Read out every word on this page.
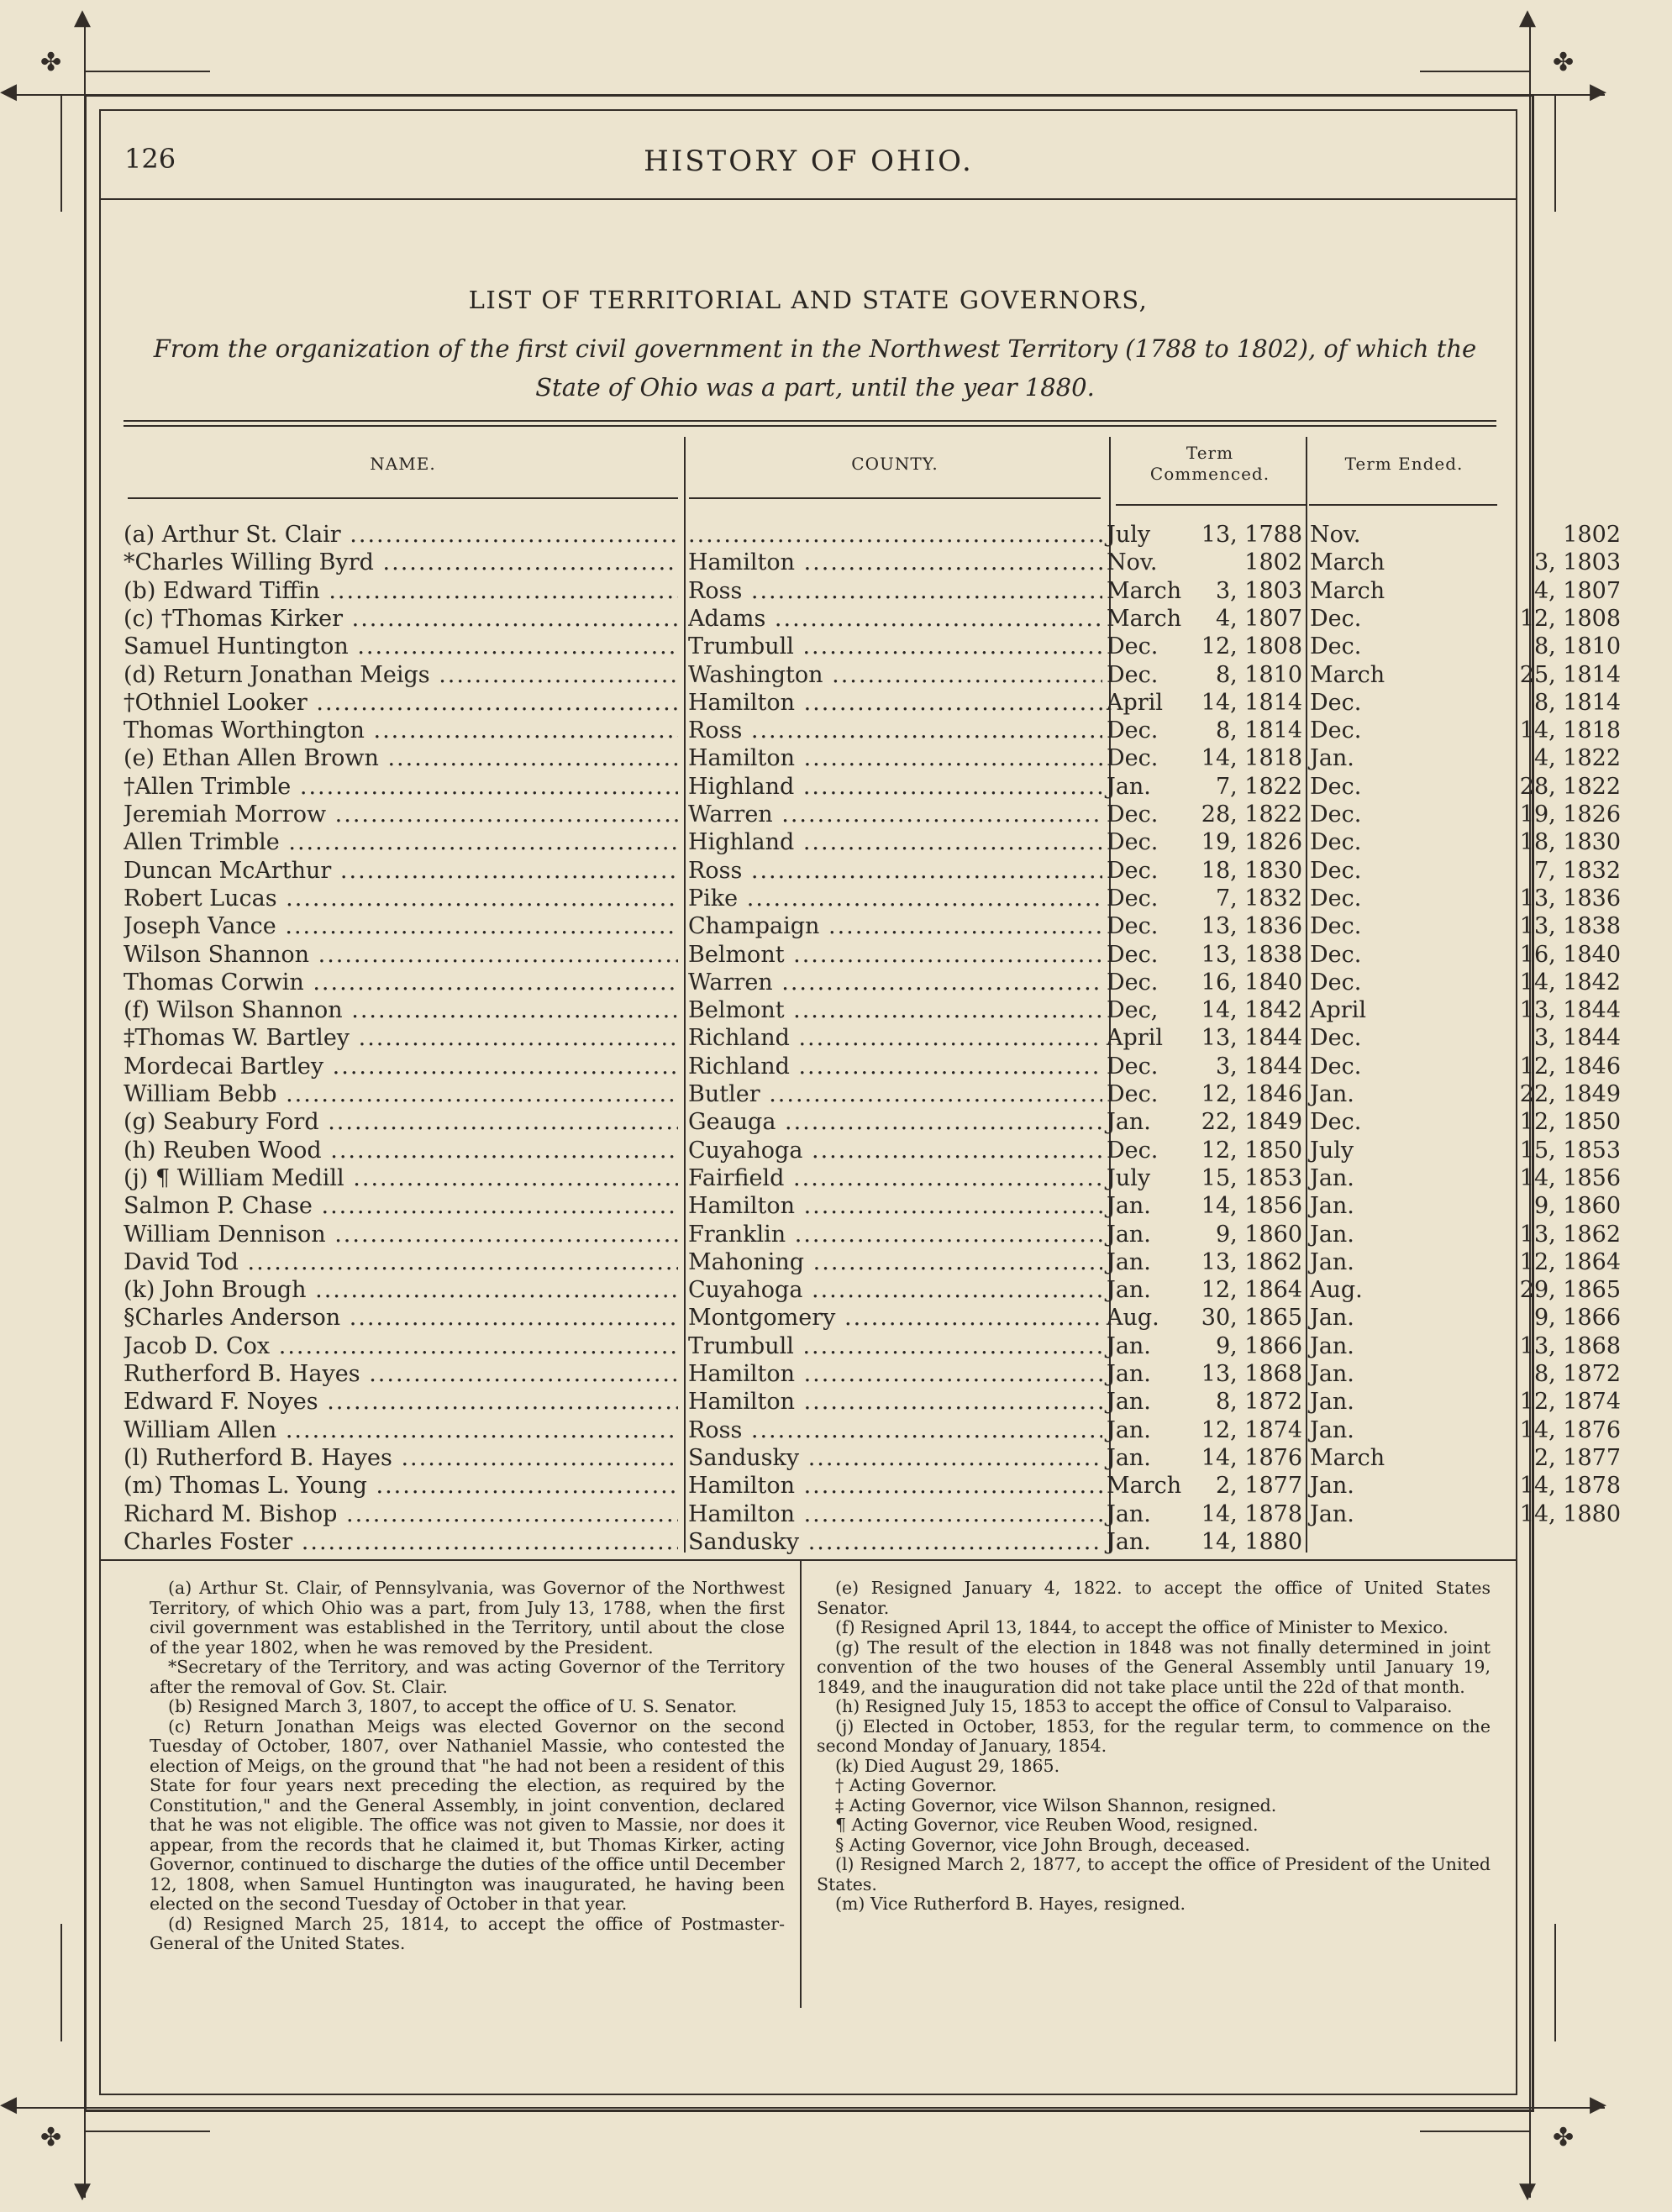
✤	✤
✤	✤
▲	▲
▼	▼
◀
◀
▶
▶
126	HISTORY OF OHIO.
LIST OF TERRITORIAL AND STATE GOVERNORS,
From the organization of the first civil government in the Northwest Territory (1788 to 1802), of which the State of Ohio was a part, until the year 1880.
NAME.	COUNTY.
Term Commenced.	Term Ended.
(a) Arthur St. Clair .....
.....	July 13, 1788 Nov.	1802
*Charles Willing Byrd .....	Hamilton .....	Nov.	1802 March	3, 1803
(b) Edward Tiffin .....	Ross .....	March 3, 1803 March	4, 1807
(c) †Thomas Kirker .....	Adams .....	March 4, 1807 Dec.	12, 1808
Samuel Huntington .....	Trumbull .....	Dec. 12, 1808 Dec.	8, 1810
(d) Return Jonathan Meigs .....	Washington .....	Dec.	8, 1810 March	25, 1814
†Othniel Looker .....	Hamilton .....	April 14, 1814 Dec.	8, 1814
Thomas Worthington .....	Ross .....	Dec.	8, 1814 Dec.	14, 1818
(e) Ethan Allen Brown .....	Hamilton .....	Dec. 14, 1818 Jan.	4, 1822
†Allen Trimble .....	Highland .....	Jan.	7, 1822 Dec.	28, 1822
Jeremiah Morrow .....	Warren .....	Dec. 28, 1822 Dec.	19, 1826
Allen Trimble .....	Highland .....	Dec. 19, 1826 Dec.	18, 1830
Duncan McArthur .....	Ross .....	Dec. 18, 1830 Dec.	7, 1832
Robert Lucas .....	Pike .....	Dec.	7, 1832 Dec.	13, 1836
Joseph Vance .....	Champaign .....	Dec. 13, 1836 Dec.	13, 1838
Wilson Shannon .....	Belmont .....	Dec. 13, 1838 Dec.	16, 1840
Thomas Corwin .....	Warren .....	Dec. 16, 1840 Dec.	14, 1842
(f) Wilson Shannon .....	Belmont .....	Dec, 14, 1842 April	13, 1844
‡Thomas W. Bartley .....	Richland .....	April 13, 1844 Dec.	3, 1844
Mordecai Bartley .....	Richland .....	Dec.	3, 1844 Dec.	12, 1846
William Bebb .....	Butler .....	Dec. 12, 1846 Jan.	22, 1849
(g) Seabury Ford .....	Geauga .....	Jan. 22, 1849 Dec.	12, 1850
(h) Reuben Wood .....	Cuyahoga .....	Dec. 12, 1850 July	15, 1853
(j) ¶ William Medill .....	Fairfield .....	July 15, 1853 Jan.	14, 1856
Salmon P. Chase .....	Hamilton .....	Jan. 14, 1856 Jan.	9, 1860
William Dennison .....	Franklin .....	Jan.	9, 1860 Jan.	13, 1862
David Tod .....	Mahoning .....	Jan. 13, 1862 Jan.	12, 1864
(k) John Brough .....	Cuyahoga .....	Jan. 12, 1864 Aug.	29, 1865
§Charles Anderson .....	Montgomery .....	Aug. 30, 1865 Jan.	9, 1866
Jacob D. Cox .....	Trumbull .....	Jan.	9, 1866 Jan.	13, 1868
Rutherford B. Hayes .....	Hamilton .....	Jan. 13, 1868 Jan.	8, 1872
Edward F. Noyes .....	Hamilton .....	Jan.	8, 1872 Jan.	12, 1874
William Allen .....	Ross .....	Jan. 12, 1874 Jan.	14, 1876
(l) Rutherford B. Hayes .....	Sandusky .....	Jan. 14, 1876 March	2, 1877
(m) Thomas L. Young .....	Hamilton .....	March 2, 1877 Jan.	14, 1878
Richard M. Bishop .....	Hamilton .....	Jan. 14, 1878 Jan.	14, 1880
Charles Foster .....	Sandusky .....	Jan. 14, 1880

(a) Arthur St. Clair, of Pennsylvania, was Governor of the Northwest Territory, of which Ohio was a part, from July 13, 1788, when the first civil government was established in the Territory, until about the close of the year 1802, when he was removed by the President.

*Secretary of the Territory, and was acting Governor of the Territory after the removal of Gov. St. Clair.

(b) Resigned March 3, 1807, to accept the office of U. S. Senator.

(c) Return Jonathan Meigs was elected Governor on the second Tuesday of October, 1807, over Nathaniel Massie, who contested the election of Meigs, on the ground that "he had not been a resident of this State for four years next preceding the election, as required by the Constitution," and the General Assembly, in joint convention, declared that he was not eligible. The office was not given to Massie, nor does it appear, from the records that he claimed it, but Thomas Kirker, acting Governor, continued to discharge the duties of the office until December 12, 1808, when Samuel Huntington was inaugurated, he having been elected on the second Tuesday of October in that year.

(d) Resigned March 25, 1814, to accept the office of Postmaster-General of the United States.

(e) Resigned January 4, 1822. to accept the office of United States Senator.

(f) Resigned April 13, 1844, to accept the office of Minister to Mexico.

(g) The result of the election in 1848 was not finally determined in joint convention of the two houses of the General Assembly until January 19, 1849, and the inauguration did not take place until the 22d of that month.

(h) Resigned July 15, 1853 to accept the office of Consul to Valparaiso.

(j) Elected in October, 1853, for the regular term, to commence on the second Monday of January, 1854.

(k) Died August 29, 1865.

† Acting Governor.

‡ Acting Governor, vice Wilson Shannon, resigned.

¶ Acting Governor, vice Reuben Wood, resigned.

§ Acting Governor, vice John Brough, deceased.

(l) Resigned March 2, 1877, to accept the office of President of the United States.

(m) Vice Rutherford B. Hayes, resigned.
